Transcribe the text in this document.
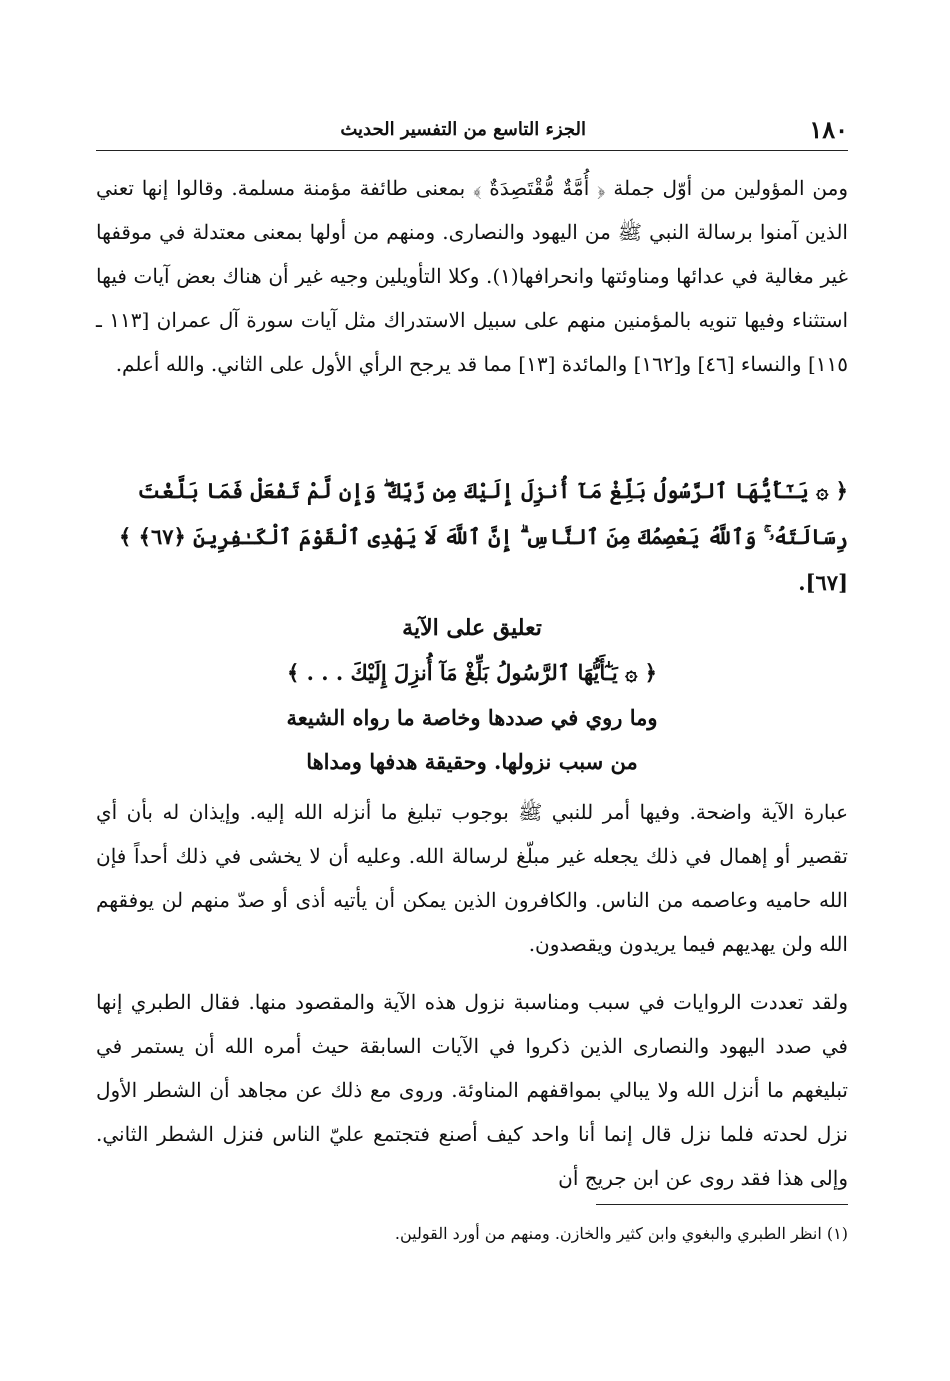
١٨٠
الجزء التاسع من التفسير الحديث

ومن المؤولين من أوّل جملة ﴿ أُمَّةٌ مُّقْتَصِدَةٌ ﴾ بمعنى طائفة مؤمنة مسلمة. وقالوا إنها تعني الذين آمنوا برسالة النبي ﷺ من اليهود والنصارى. ومنهم من أولها بمعنى معتدلة في موقفها غير مغالية في عدائها ومناوئتها وانحرافها(١). وكلا التأويلين وجيه غير أن هناك بعض آيات فيها استثناء وفيها تنويه بالمؤمنين منهم على سبيل الاستدراك مثل آيات سورة آل عمران [١١٣ ـ ١١٥] والنساء [٤٦] و[١٦٢] والمائدة [١٣] مما قد يرجح الرأي الأول على الثاني. والله أعلم.

﴿ ۞ يَـٰٓأَيُّهَا ٱلرَّسُولُ بَلِّغْ مَآ أُنزِلَ إِلَيْكَ مِن رَّبِّكَ ۖ وَإِن لَّمْ تَفْعَلْ فَمَا بَلَّغْتَ رِسَالَتَهُۥ ۚ وَٱللَّهُ يَعْصِمُكَ مِنَ ٱلنَّاسِ ۗ إِنَّ ٱللَّهَ لَا يَهْدِى ٱلْقَوْمَ ٱلْكَـٰفِرِينَ ﴿٦٧﴾ ﴾ [٦٧].
تعليق على الآية
﴿ ۞ يَـٰٓأَيُّهَا ٱلرَّسُولُ بَلِّغْ مَآ أُنزِلَ إِلَيْكَ . . . ﴾
وما روي في صددها وخاصة ما رواه الشيعة
من سبب نزولها. وحقيقة هدفها ومداها

عبارة الآية واضحة. وفيها أمر للنبي ﷺ بوجوب تبليغ ما أنزله الله إليه. وإيذان له بأن أي تقصير أو إهمال في ذلك يجعله غير مبلّغ لرسالة الله. وعليه أن لا يخشى في ذلك أحداً فإن الله حاميه وعاصمه من الناس. والكافرون الذين يمكن أن يأتيه أذى أو صدّ منهم لن يوفقهم الله ولن يهديهم فيما يريدون ويقصدون.

ولقد تعددت الروايات في سبب ومناسبة نزول هذه الآية والمقصود منها. فقال الطبري إنها في صدد اليهود والنصارى الذين ذكروا في الآيات السابقة حيث أمره الله أن يستمر في تبليغهم ما أنزل الله ولا يبالي بمواقفهم المناوئة. وروى مع ذلك عن مجاهد أن الشطر الأول نزل لحدته فلما نزل قال إنما أنا واحد كيف أصنع فتجتمع عليّ الناس فنزل الشطر الثاني. وإلى هذا فقد روى عن ابن جريج أن

(١) انظر الطبري والبغوي وابن كثير والخازن. ومنهم من أورد القولين.
